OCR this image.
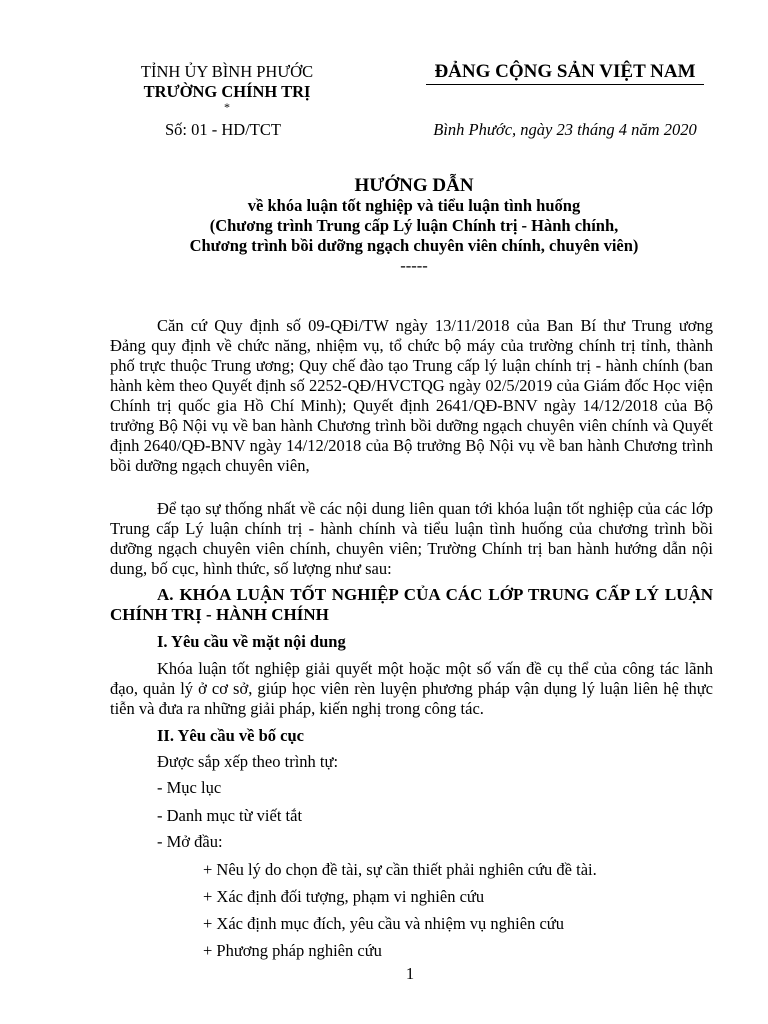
TỈNH ỦY BÌNH PHƯỚC
TRƯỜNG CHÍNH TRỊ
*
Số: 01 - HD/TCT
ĐẢNG CỘNG SẢN VIỆT NAM
Bình Phước, ngày 23 tháng 4 năm 2020
HƯỚNG DẪN
về khóa luận tốt nghiệp và tiểu luận tình huống
(Chương trình Trung cấp Lý luận Chính trị - Hành chính,
Chương trình bồi dưỡng ngạch chuyên viên chính, chuyên viên)
-----
Căn cứ Quy định số 09-QĐi/TW ngày 13/11/2018 của Ban Bí thư Trung ương Đảng quy định về chức năng, nhiệm vụ, tổ chức bộ máy của trường chính trị tỉnh, thành phố trực thuộc Trung ương; Quy chế đào tạo Trung cấp lý luận chính trị - hành chính (ban hành kèm theo Quyết định số 2252-QĐ/HVCTQG ngày 02/5/2019 của Giám đốc Học viện Chính trị quốc gia Hồ Chí Minh); Quyết định 2641/QĐ-BNV ngày 14/12/2018 của Bộ trưởng Bộ Nội vụ về ban hành Chương trình bồi dưỡng ngạch chuyên viên chính và Quyết định 2640/QĐ-BNV ngày 14/12/2018 của Bộ trưởng Bộ Nội vụ về ban hành Chương trình bồi dưỡng ngạch chuyên viên,
Để tạo sự thống nhất về các nội dung liên quan tới khóa luận tốt nghiệp của các lớp Trung cấp Lý luận chính trị - hành chính và tiểu luận tình huống của chương trình bồi dưỡng ngạch chuyên viên chính, chuyên viên; Trường Chính trị ban hành hướng dẫn nội dung, bố cục, hình thức, số lượng như sau:
A. KHÓA LUẬN TỐT NGHIỆP CỦA CÁC LỚP TRUNG CẤP LÝ LUẬN CHÍNH TRỊ - HÀNH CHÍNH
I. Yêu cầu về mặt nội dung
Khóa luận tốt nghiệp giải quyết một hoặc một số vấn đề cụ thể của công tác lãnh đạo, quản lý ở cơ sở, giúp học viên rèn luyện phương pháp vận dụng lý luận liên hệ thực tiễn và đưa ra những giải pháp, kiến nghị trong công tác.
II. Yêu cầu về bố cục
Được sắp xếp theo trình tự:
- Mục lục
- Danh mục từ viết tắt
- Mở đầu:
+ Nêu lý do chọn đề tài, sự cần thiết phải nghiên cứu đề tài.
+ Xác định đối tượng, phạm vi nghiên cứu
+ Xác định mục đích, yêu cầu và nhiệm vụ nghiên cứu
+ Phương pháp nghiên cứu
1
